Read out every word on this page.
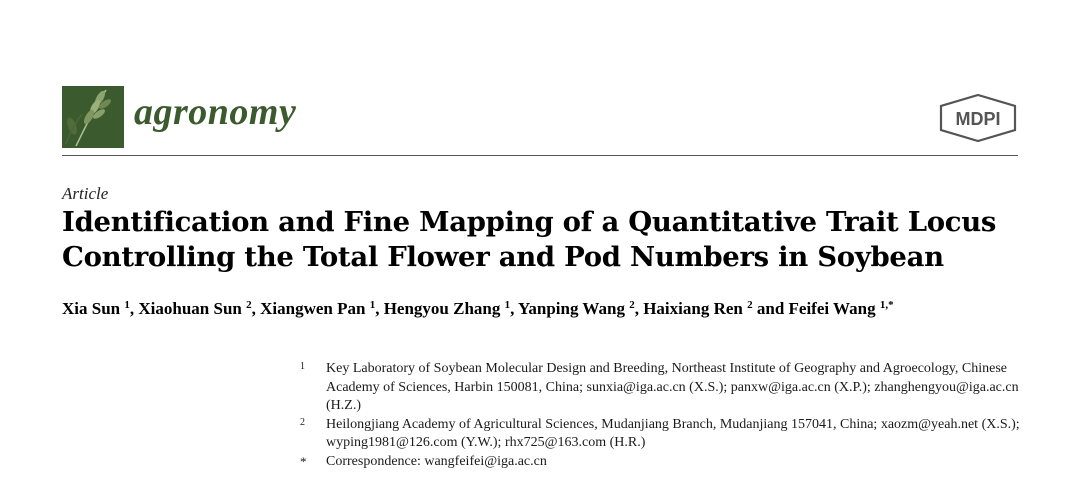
agronomy	MDPI
Article
Identification and Fine Mapping of a Quantitative Trait Locus Controlling the Total Flower and Pod Numbers in Soybean
Xia Sun $^1$, Xiaohuan Sun $^2$, Xiangwen Pan $^1$, Hengyou Zhang $^1$, Yanping Wang $^2$, Haixiang Ren $^2$ and Feifei Wang $^{1,*}$
1 Key Laboratory of Soybean Molecular Design and Breeding, Northeast Institute of Geography and Agroecology, Chinese Academy of Sciences, Harbin 150081, China; sunxia@iga.ac.cn (X.S.); panxw@iga.ac.cn (X.P.); zhanghengyou@iga.ac.cn (H.Z.)
2 Heilongjiang Academy of Agricultural Sciences, Mudanjiang Branch, Mudanjiang 157041, China; xaozm@yeah.net (X.S.); wyping1981@126.com (Y.W.); rhx725@163.com (H.R.)
* Correspondence: wangfeifei@iga.ac.cn
